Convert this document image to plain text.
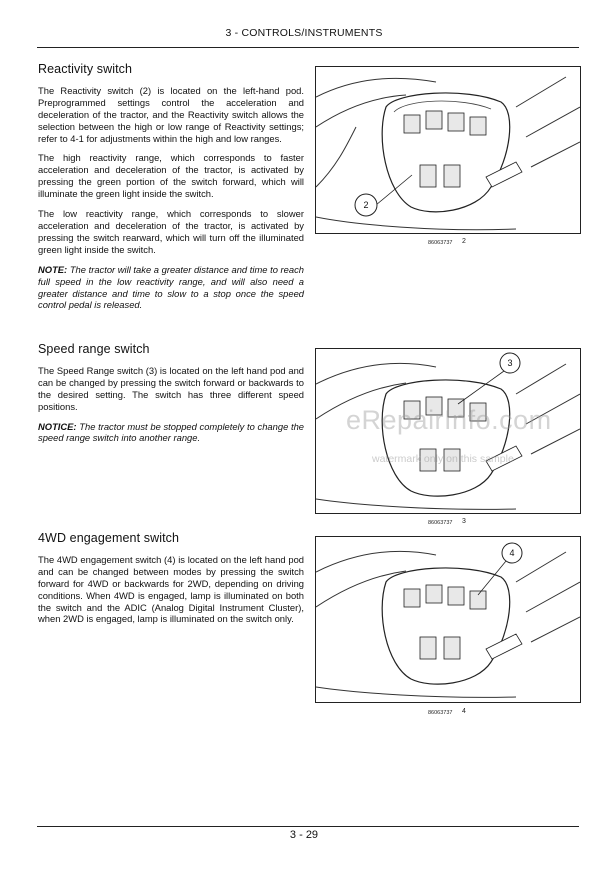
3 - CONTROLS/INSTRUMENTS
Reactivity switch

The Reactivity switch (2) is located on the left-hand pod. Preprogrammed settings control the acceleration and deceleration of the tractor, and the Reactivity switch allows the selection between the high or low range of Reactivity settings; refer to 4-1 for adjustments within the high and low ranges.

The high reactivity range, which corresponds to faster acceleration and deceleration of the tractor, is activated by pressing the green portion of the switch forward, which will illuminate the green light inside the switch.

The low reactivity range, which corresponds to slower acceleration and deceleration of the tractor, is activated by pressing the switch rearward, which will turn off the illuminated green light inside the switch.

NOTE: The tractor will take a greater distance and time to reach full speed in the low reactivity range, and will also need a greater distance and time to slow to a stop once the speed control pedal is released.

Speed range switch

The Speed Range switch (3) is located on the left hand pod and can be changed by pressing the switch forward or backwards to the desired setting. The switch has three different speed positions.

NOTICE: The tractor must be stopped completely to change the speed range switch into another range.

4WD engagement switch

The 4WD engagement switch (4) is located on the left hand pod and can be changed between modes by pressing the switch forward for 4WD or backwards for 2WD, depending on driving conditions. When 4WD is engaged, lamp is illuminated on both the switch and the ADIC (Analog Digital Instrument Cluster), when 2WD is engaged, lamp is illuminated on the switch only.

2
86063737 2
3
86063737 3
4
86063737 4
eRepairInfo.com
watermark only on this sample
3 - 29
